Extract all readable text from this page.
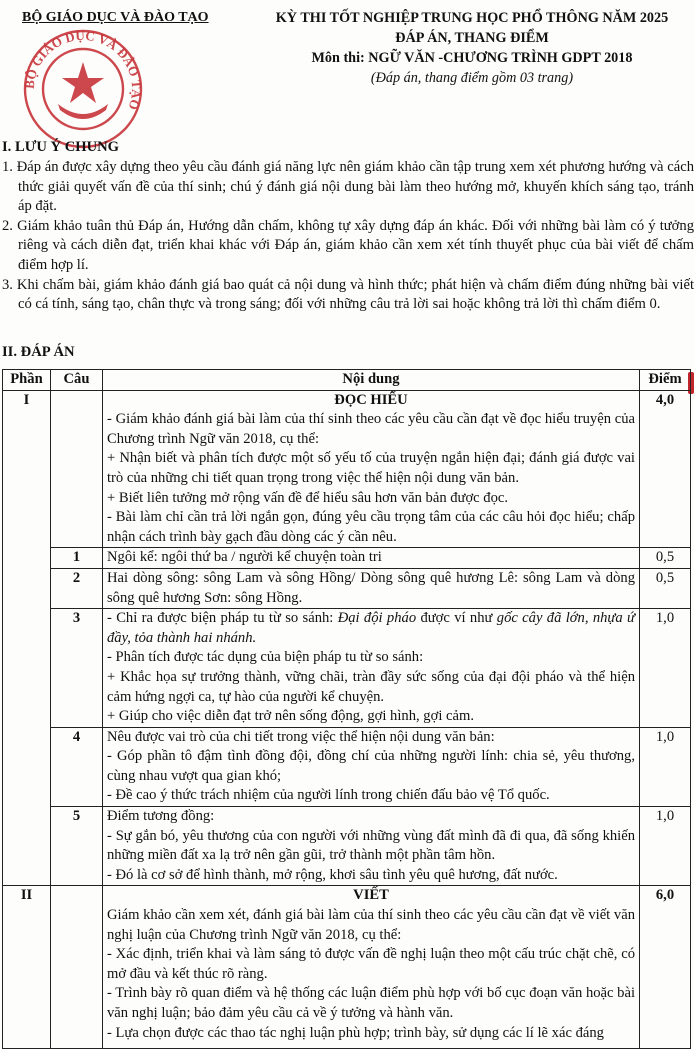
BỘ GIÁO DỤC VÀ ĐÀO TẠO
BỘ GIÁO DỤC VÀ ĐÀO TẠO
KỲ THI TỐT NGHIỆP TRUNG HỌC PHỔ THÔNG NĂM 2025
ĐÁP ÁN, THANG ĐIỂM
Môn thi: NGỮ VĂN -CHƯƠNG TRÌNH GDPT 2018
(Đáp án, thang điểm gồm 03 trang)
I. LƯU Ý CHUNG

1. Đáp án được xây dựng theo yêu cầu đánh giá năng lực nên giám khảo cần tập trung xem xét phương hướng và cách thức giải quyết vấn đề của thí sinh; chú ý đánh giá nội dung bài làm theo hướng mở, khuyến khích sáng tạo, tránh áp đặt.

2. Giám khảo tuân thủ Đáp án, Hướng dẫn chấm, không tự xây dựng đáp án khác. Đối với những bài làm có ý tưởng riêng và cách diễn đạt, triển khai khác với Đáp án, giám khảo cần xem xét tính thuyết phục của bài viết để chấm điểm hợp lí.

3. Khi chấm bài, giám khảo đánh giá bao quát cả nội dung và hình thức; phát hiện và chấm điểm đúng những bài viết có cá tính, sáng tạo, chân thực và trong sáng; đối với những câu trả lời sai hoặc không trả lời thì chấm điểm 0.

II. ĐÁP ÁN
Phần	Câu	Nội dung	Điểm
I		ĐỌC HIỂU

- Giám khảo đánh giá bài làm của thí sinh theo các yêu cầu cần đạt về đọc hiểu truyện của Chương trình Ngữ văn 2018, cụ thể:

+ Nhận biết và phân tích được một số yếu tố của truyện ngắn hiện đại; đánh giá được vai trò của những chi tiết quan trọng trong việc thể hiện nội dung văn bản.

+ Biết liên tưởng mở rộng vấn đề để hiểu sâu hơn văn bản được đọc.

- Bài làm chỉ cần trả lời ngắn gọn, đúng yêu cầu trọng tâm của các câu hỏi đọc hiểu; chấp nhận cách trình bày gạch đầu dòng các ý cần nêu.	4,0
	1	Ngôi kể: ngôi thứ ba / người kể chuyện toàn tri	0,5
	2	Hai dòng sông: sông Lam và sông Hồng/ Dòng sông quê hương Lê: sông Lam và dòng sông quê hương Sơn: sông Hồng.	0,5
	3	- Chỉ ra được biện pháp tu từ so sánh: Đại đội pháo được ví như gốc cây đã lớn, nhựa ứ đầy, tỏa thành hai nhánh.

- Phân tích được tác dụng của biện pháp tu từ so sánh:

+ Khắc họa sự trưởng thành, vững chãi, tràn đầy sức sống của đại đội pháo và thể hiện cảm hứng ngợi ca, tự hào của người kể chuyện.

+ Giúp cho việc diễn đạt trở nên sống động, gợi hình, gợi cảm.	1,0
	4	Nêu được vai trò của chi tiết trong việc thể hiện nội dung văn bản:

- Góp phần tô đậm tình đồng đội, đồng chí của những người lính: chia sẻ, yêu thương, cùng nhau vượt qua gian khó;

- Đề cao ý thức trách nhiệm của người lính trong chiến đấu bảo vệ Tổ quốc.	1,0
	5	Điểm tương đồng:

- Sự gắn bó, yêu thương của con người với những vùng đất mình đã đi qua, đã sống khiến những miền đất xa lạ trở nên gần gũi, trở thành một phần tâm hồn.

- Đó là cơ sở để hình thành, mở rộng, khơi sâu tình yêu quê hương, đất nước.	1,0
II		VIẾT

Giám khảo cần xem xét, đánh giá bài làm của thí sinh theo các yêu cầu cần đạt về viết văn nghị luận của Chương trình Ngữ văn 2018, cụ thể:

- Xác định, triển khai và làm sáng tỏ được vấn đề nghị luận theo một cấu trúc chặt chẽ, có mở đầu và kết thúc rõ ràng.

- Trình bày rõ quan điểm và hệ thống các luận điểm phù hợp với bố cục đoạn văn hoặc bài văn nghị luận; bảo đảm yêu cầu cả về ý tưởng và hành văn.

- Lựa chọn được các thao tác nghị luận phù hợp; trình bày, sử dụng các lí lẽ xác đáng	6,0
